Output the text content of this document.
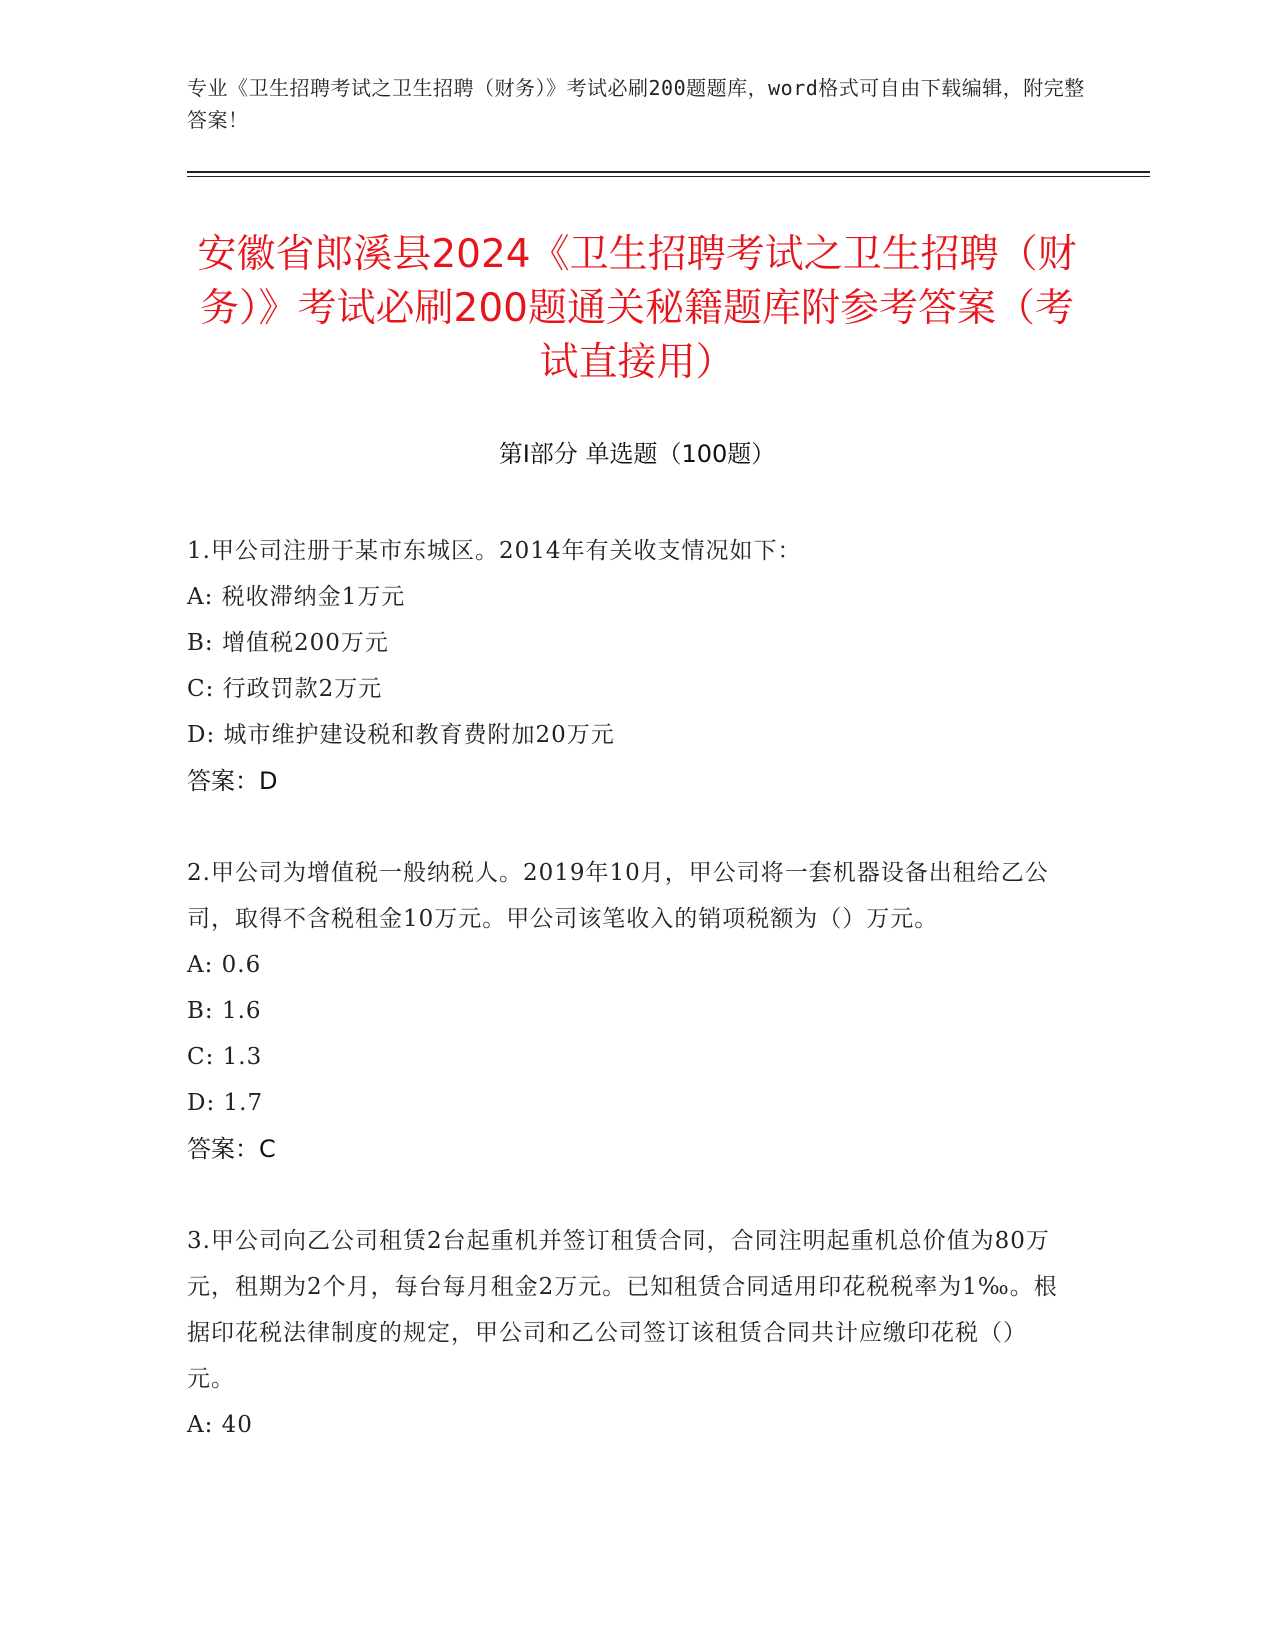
专业《卫生招聘考试之卫生招聘（财务）》考试必刷200题题库，word格式可自由下载编辑，附完整答案！
安徽省郎溪县2024《卫生招聘考试之卫生招聘（财务）》考试必刷200题通关秘籍题库附参考答案（考试直接用）
第Ⅰ部分 单选题（100题）

1.甲公司注册于某市东城区。2014年有关收支情况如下：

A: 税收滞纳金1万元

B: 增值税200万元

C: 行政罚款2万元

D: 城市维护建设税和教育费附加20万元

答案：D

2.甲公司为增值税一般纳税人。2019年10月，甲公司将一套机器设备出租给乙公司，取得不含税租金10万元。甲公司该笔收入的销项税额为（）万元。

A: 0.6

B: 1.6

C: 1.3

D: 1.7

答案：C

3.甲公司向乙公司租赁2台起重机并签订租赁合同，合同注明起重机总价值为80万元，租期为2个月，每台每月租金2万元。已知租赁合同适用印花税税率为1‰。根据印花税法律制度的规定，甲公司和乙公司签订该租赁合同共计应缴印花税（）元。

A: 40
